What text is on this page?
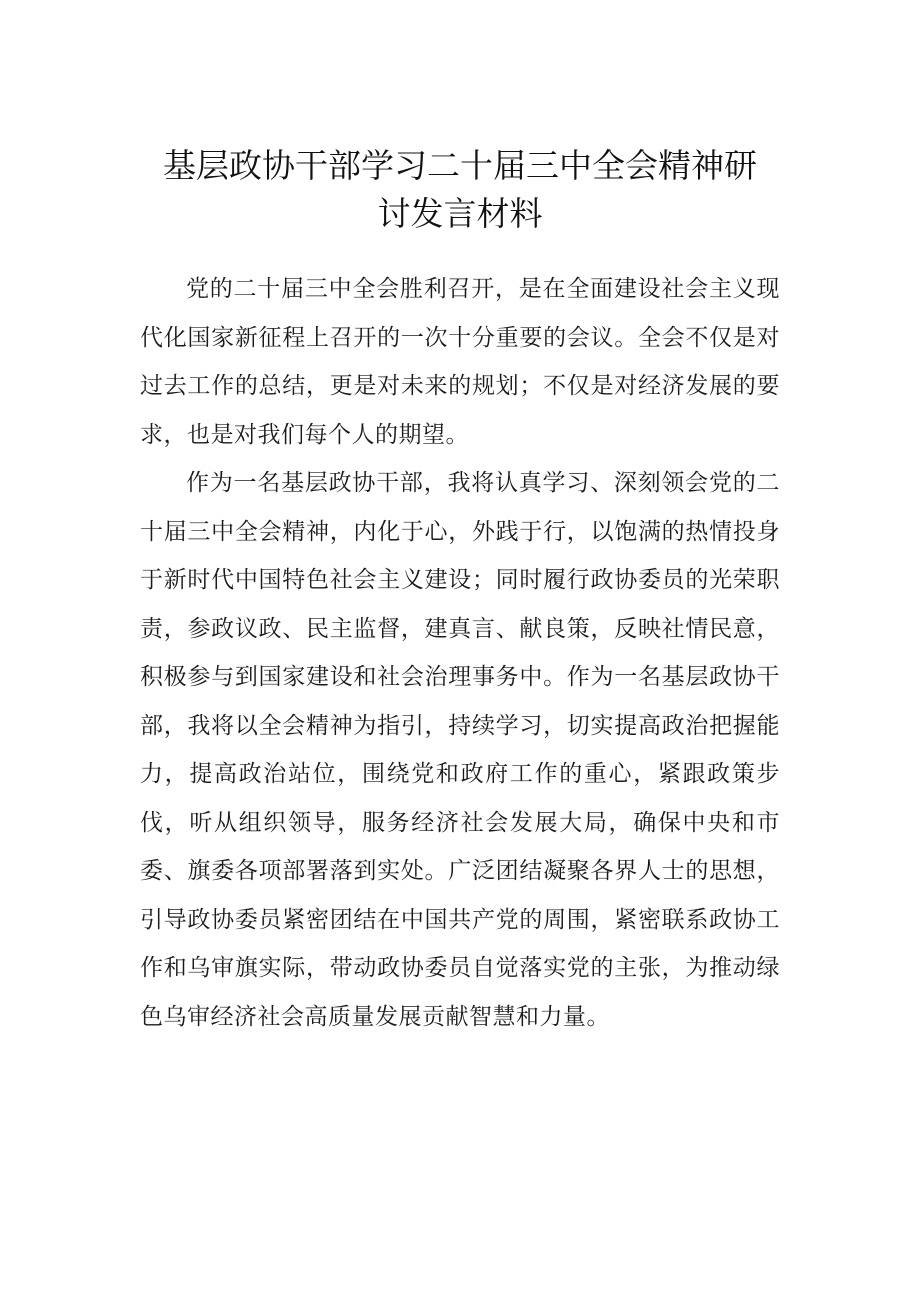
基层政协干部学习二十届三中全会精神研
讨发言材料

党的二十届三中全会胜利召开，是在全面建设社会主义现代化国家新征程上召开的一次十分重要的会议。全会不仅是对过去工作的总结，更是对未来的规划；不仅是对经济发展的要求，也是对我们每个人的期望。

作为一名基层政协干部，我将认真学习、深刻领会党的二十届三中全会精神，内化于心，外践于行，以饱满的热情投身于新时代中国特色社会主义建设；同时履行政协委员的光荣职责，参政议政、民主监督，建真言、献良策，反映社情民意，积极参与到国家建设和社会治理事务中。作为一名基层政协干部，我将以全会精神为指引，持续学习，切实提高政治把握能力，提高政治站位，围绕党和政府工作的重心，紧跟政策步伐，听从组织领导，服务经济社会发展大局，确保中央和市委、旗委各项部署落到实处。广泛团结凝聚各界人士的思想，引导政协委员紧密团结在中国共产党的周围，紧密联系政协工作和乌审旗实际，带动政协委员自觉落实党的主张，为推动绿色乌审经济社会高质量发展贡献智慧和力量。
